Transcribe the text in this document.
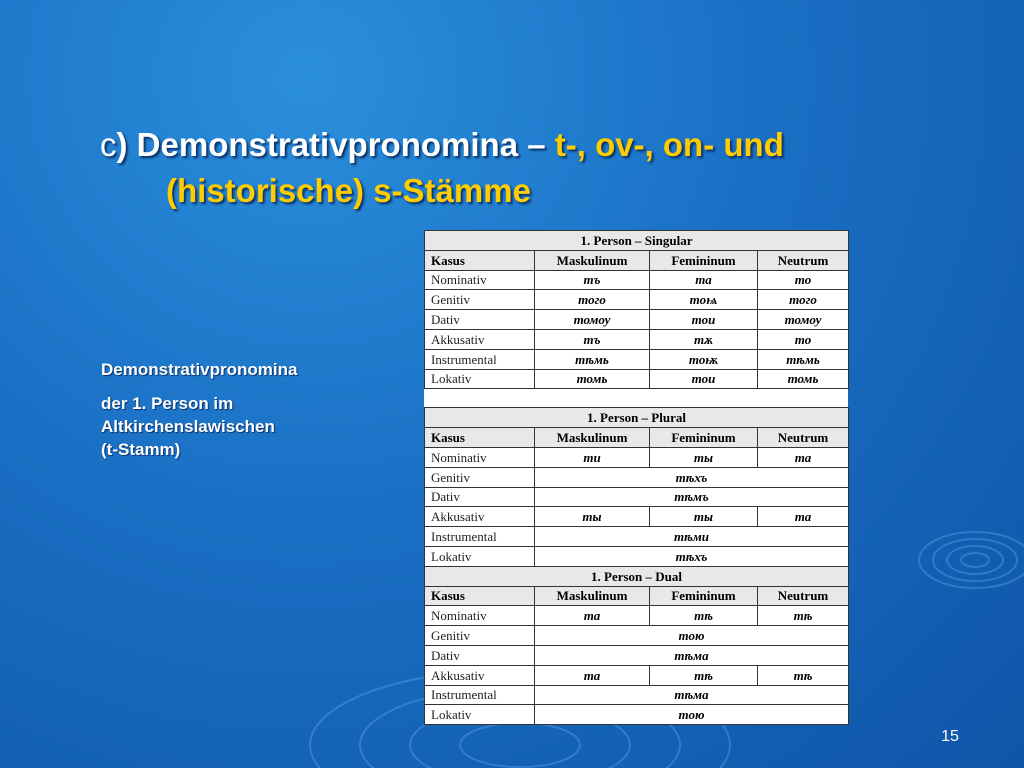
c) Demonstrativpronomina – t-, ov-, on- und
(historische) s-Stämme
Demonstrativpronomina
der 1. Person im
Altkirchenslawischen
(t-Stamm)
1. Person – Singular			
Kasus	Maskulinum	Femininum	Neutrum
Nominativ	тъ	та	то
Genitiv	того	тоѩ	того
Dativ	томоу	тои	томоу
Akkusativ	тъ	тѫ	то
Instrumental	тѣмь	тоѭ	тѣмь
Lokativ	томь	тои	томь
1. Person – Plural			
Kasus	Maskulinum	Femininum	Neutrum
Nominativ	ти	ты	та
Genitiv	тѣхъ		
Dativ	тѣмъ		
Akkusativ	ты	ты	та
Instrumental	тѣми		
Lokativ	тѣхъ		
1. Person – Dual			
Kasus	Maskulinum	Femininum	Neutrum
Nominativ	та	тѣ	тѣ
Genitiv	тою		
Dativ	тѣма		
Akkusativ	та	тѣ	тѣ
Instrumental	тѣма		
Lokativ	тою		
15
